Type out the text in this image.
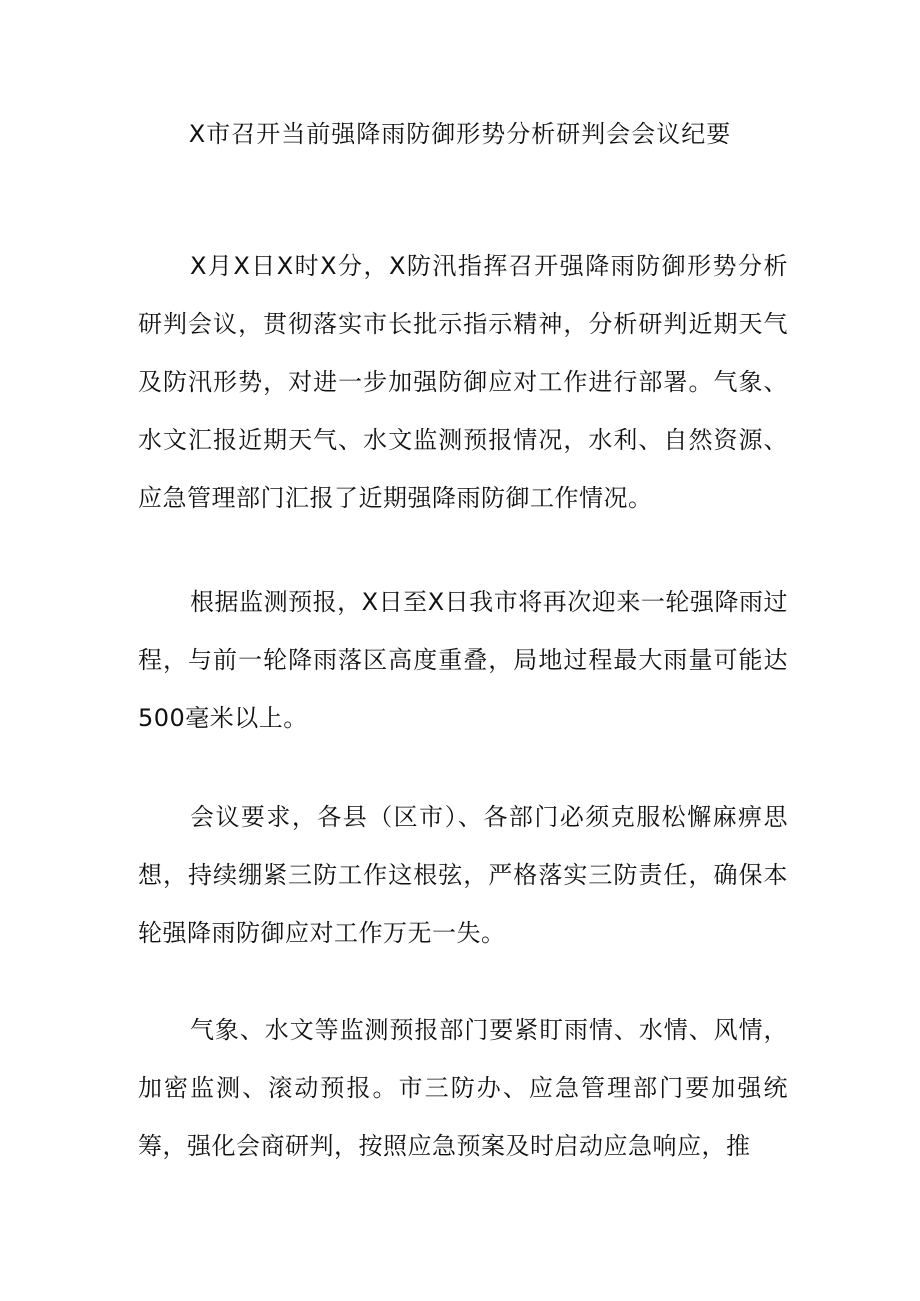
X市召开当前强降雨防御形势分析研判会会议纪要

X月X日X时X分，X防汛指挥召开强降雨防御形势分析研判会议，贯彻落实市长批示指示精神，分析研判近期天气及防汛形势，对进一步加强防御应对工作进行部署。气象、水文汇报近期天气、水文监测预报情况，水利、自然资源、应急管理部门汇报了近期强降雨防御工作情况。

根据监测预报，X日至X日我市将再次迎来一轮强降雨过程，与前一轮降雨落区高度重叠，局地过程最大雨量可能达500毫米以上。

会议要求，各县（区市）、各部门必须克服松懈麻痹思想，持续绷紧三防工作这根弦，严格落实三防责任，确保本轮强降雨防御应对工作万无一失。

气象、水文等监测预报部门要紧盯雨情、水情、风情，加密监测、滚动预报。市三防办、应急管理部门要加强统筹，强化会商研判，按照应急预案及时启动应急响应，推
